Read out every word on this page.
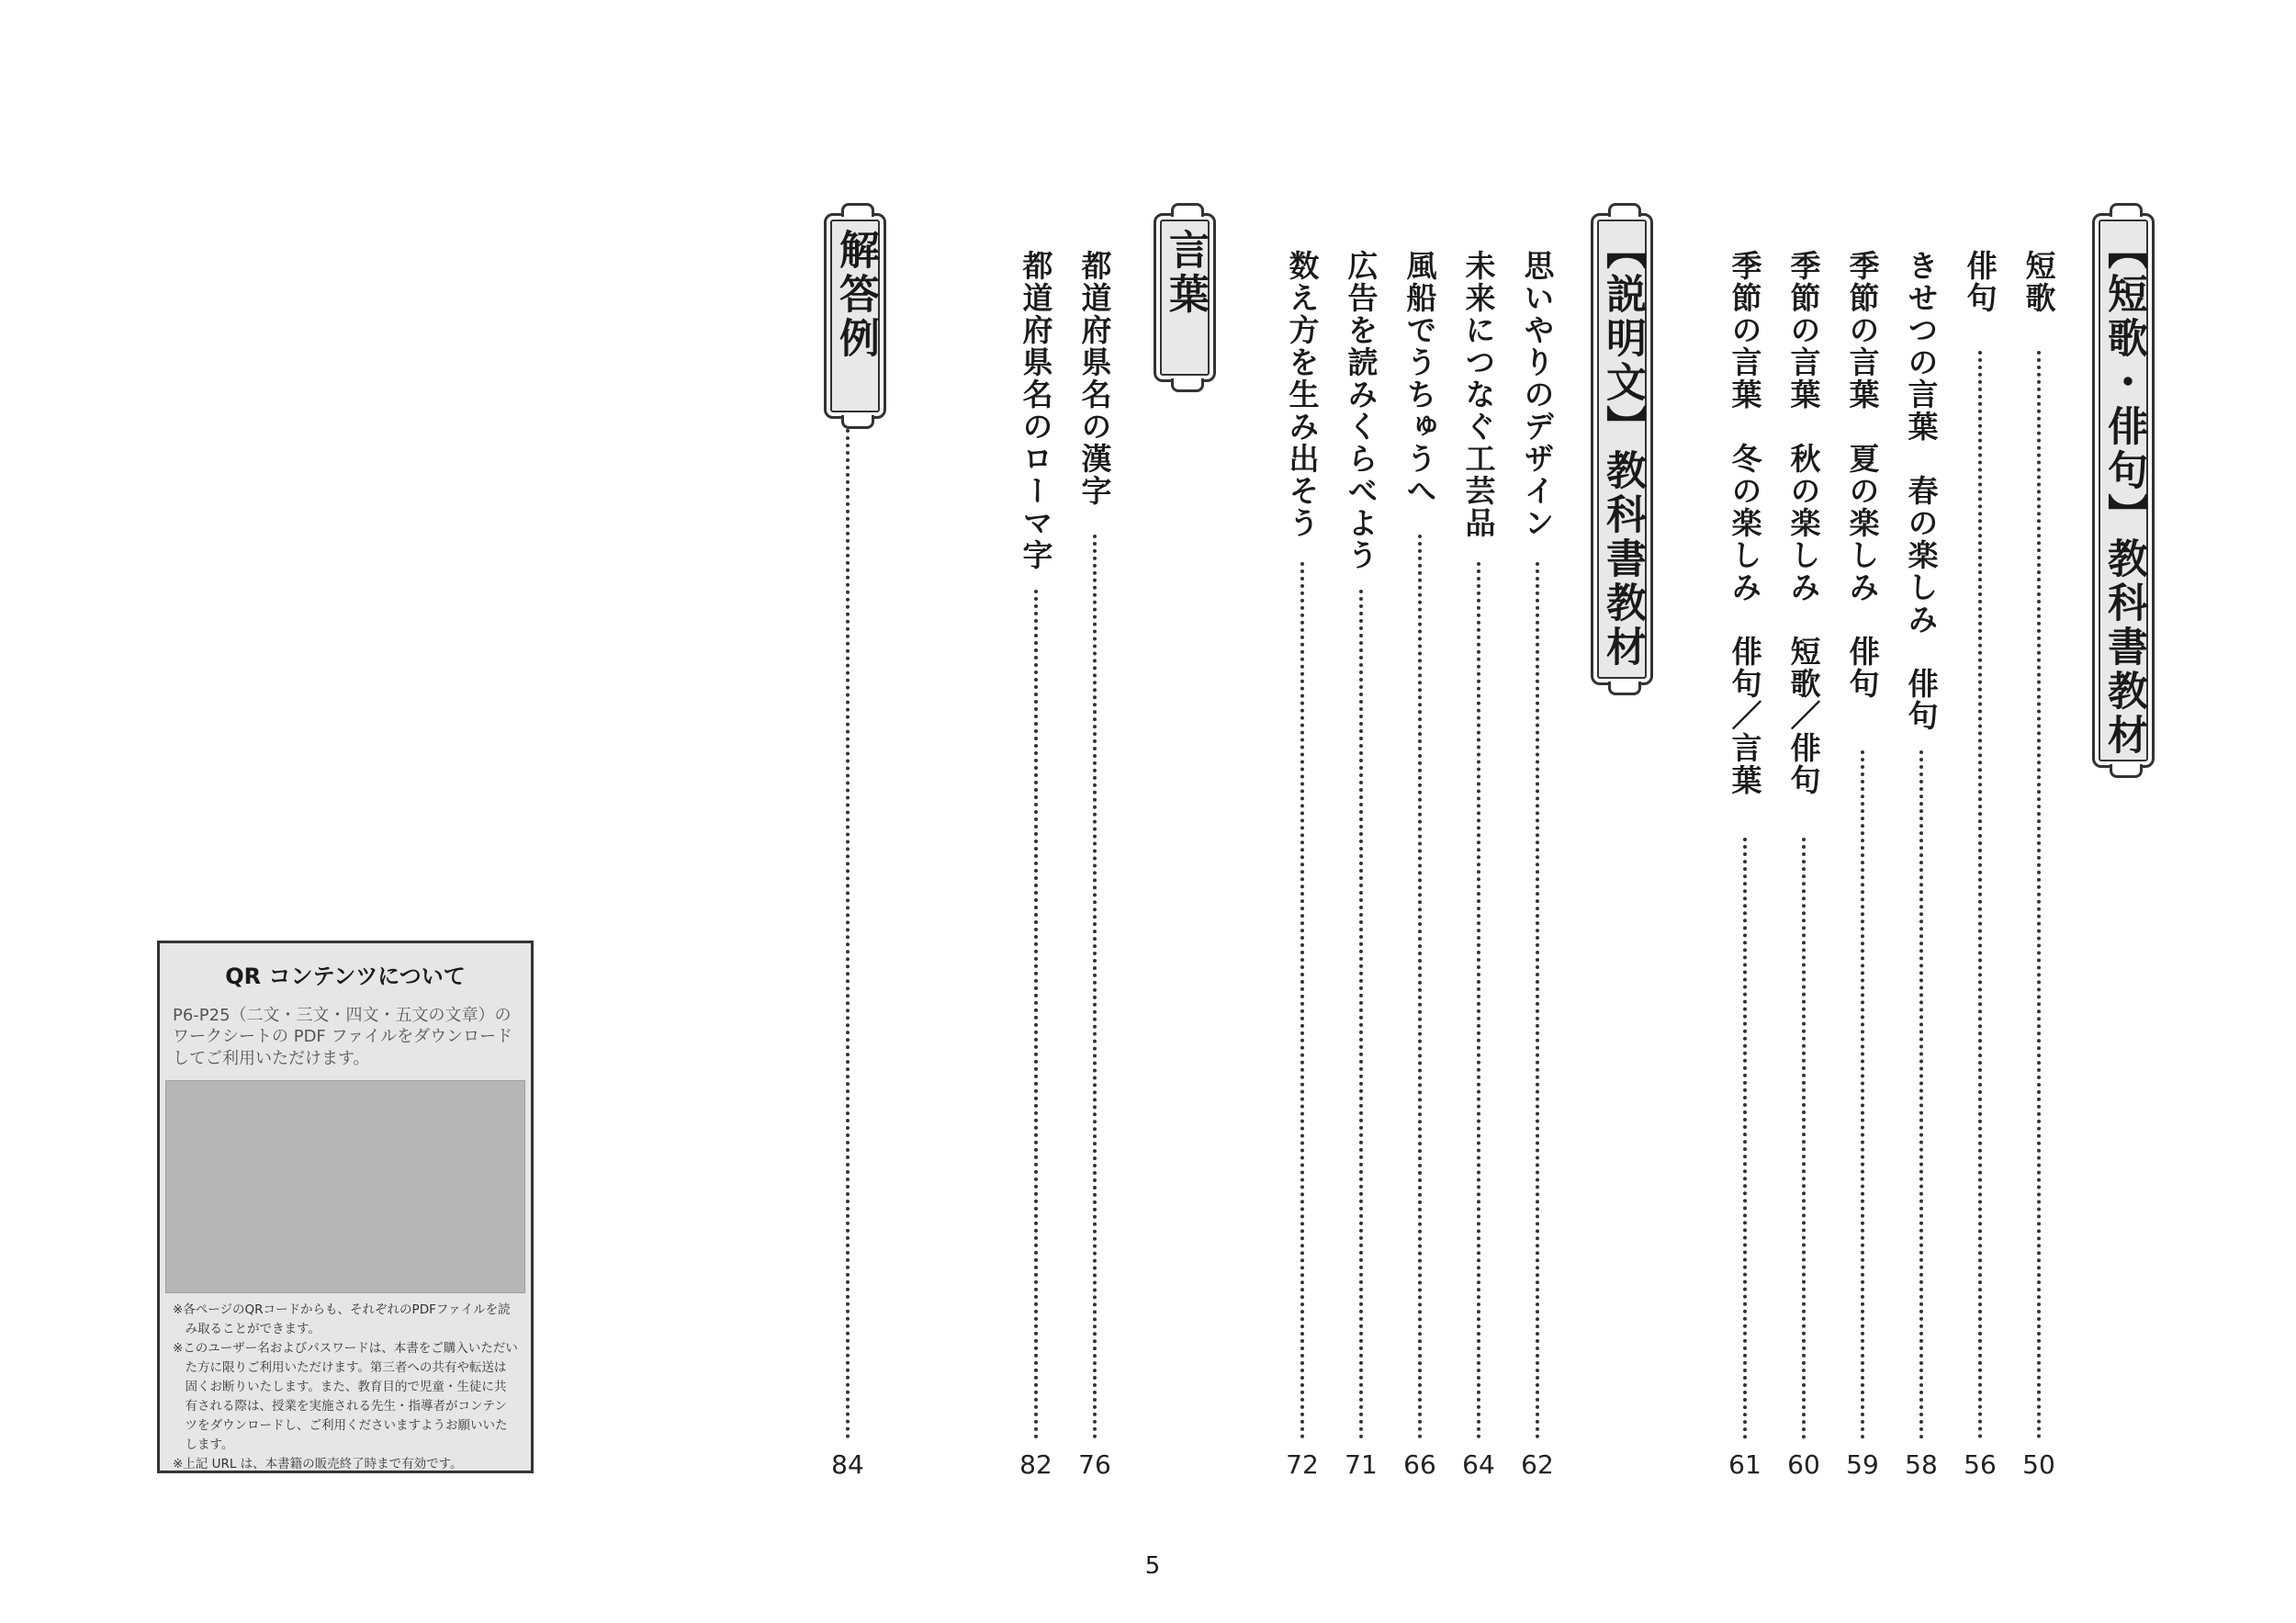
【短歌・俳句】教科書教材
【説明文】教科書教材
言葉
解答例	短歌
俳句
きせつの言葉　春の楽しみ　俳句
季節の言葉　夏の楽しみ　俳句
季節の言葉　秋の楽しみ　短歌／俳句
季節の言葉　冬の楽しみ　俳句／言葉
思いやりのデザイン
未来につなぐ工芸品
風船でうちゅうへ
広告を読みくらべよう
数え方を生み出そう
都道府県名の漢字
都道府県名のローマ字
50
56
58
59
60
61
62
64
66
71
72
76
82
84
QR コンテンツについて
P6-P25（二文・三文・四文・五文の文章）のワークシートの PDF ファイルをダウンロードしてご利用いただけます。
※各ページのQRコードからも、それぞれのPDFファイルを読み取ることができます。
※このユーザー名およびパスワードは、本書をご購入いただいた方に限りご利用いただけます。第三者への共有や転送は固くお断りいたします。また、教育目的で児童・生徒に共有される際は、授業を実施される先生・指導者がコンテンツをダウンロードし、ご利用くださいますようお願いいたします。
※上記 URL は、本書籍の販売終了時まで有効です。
5
